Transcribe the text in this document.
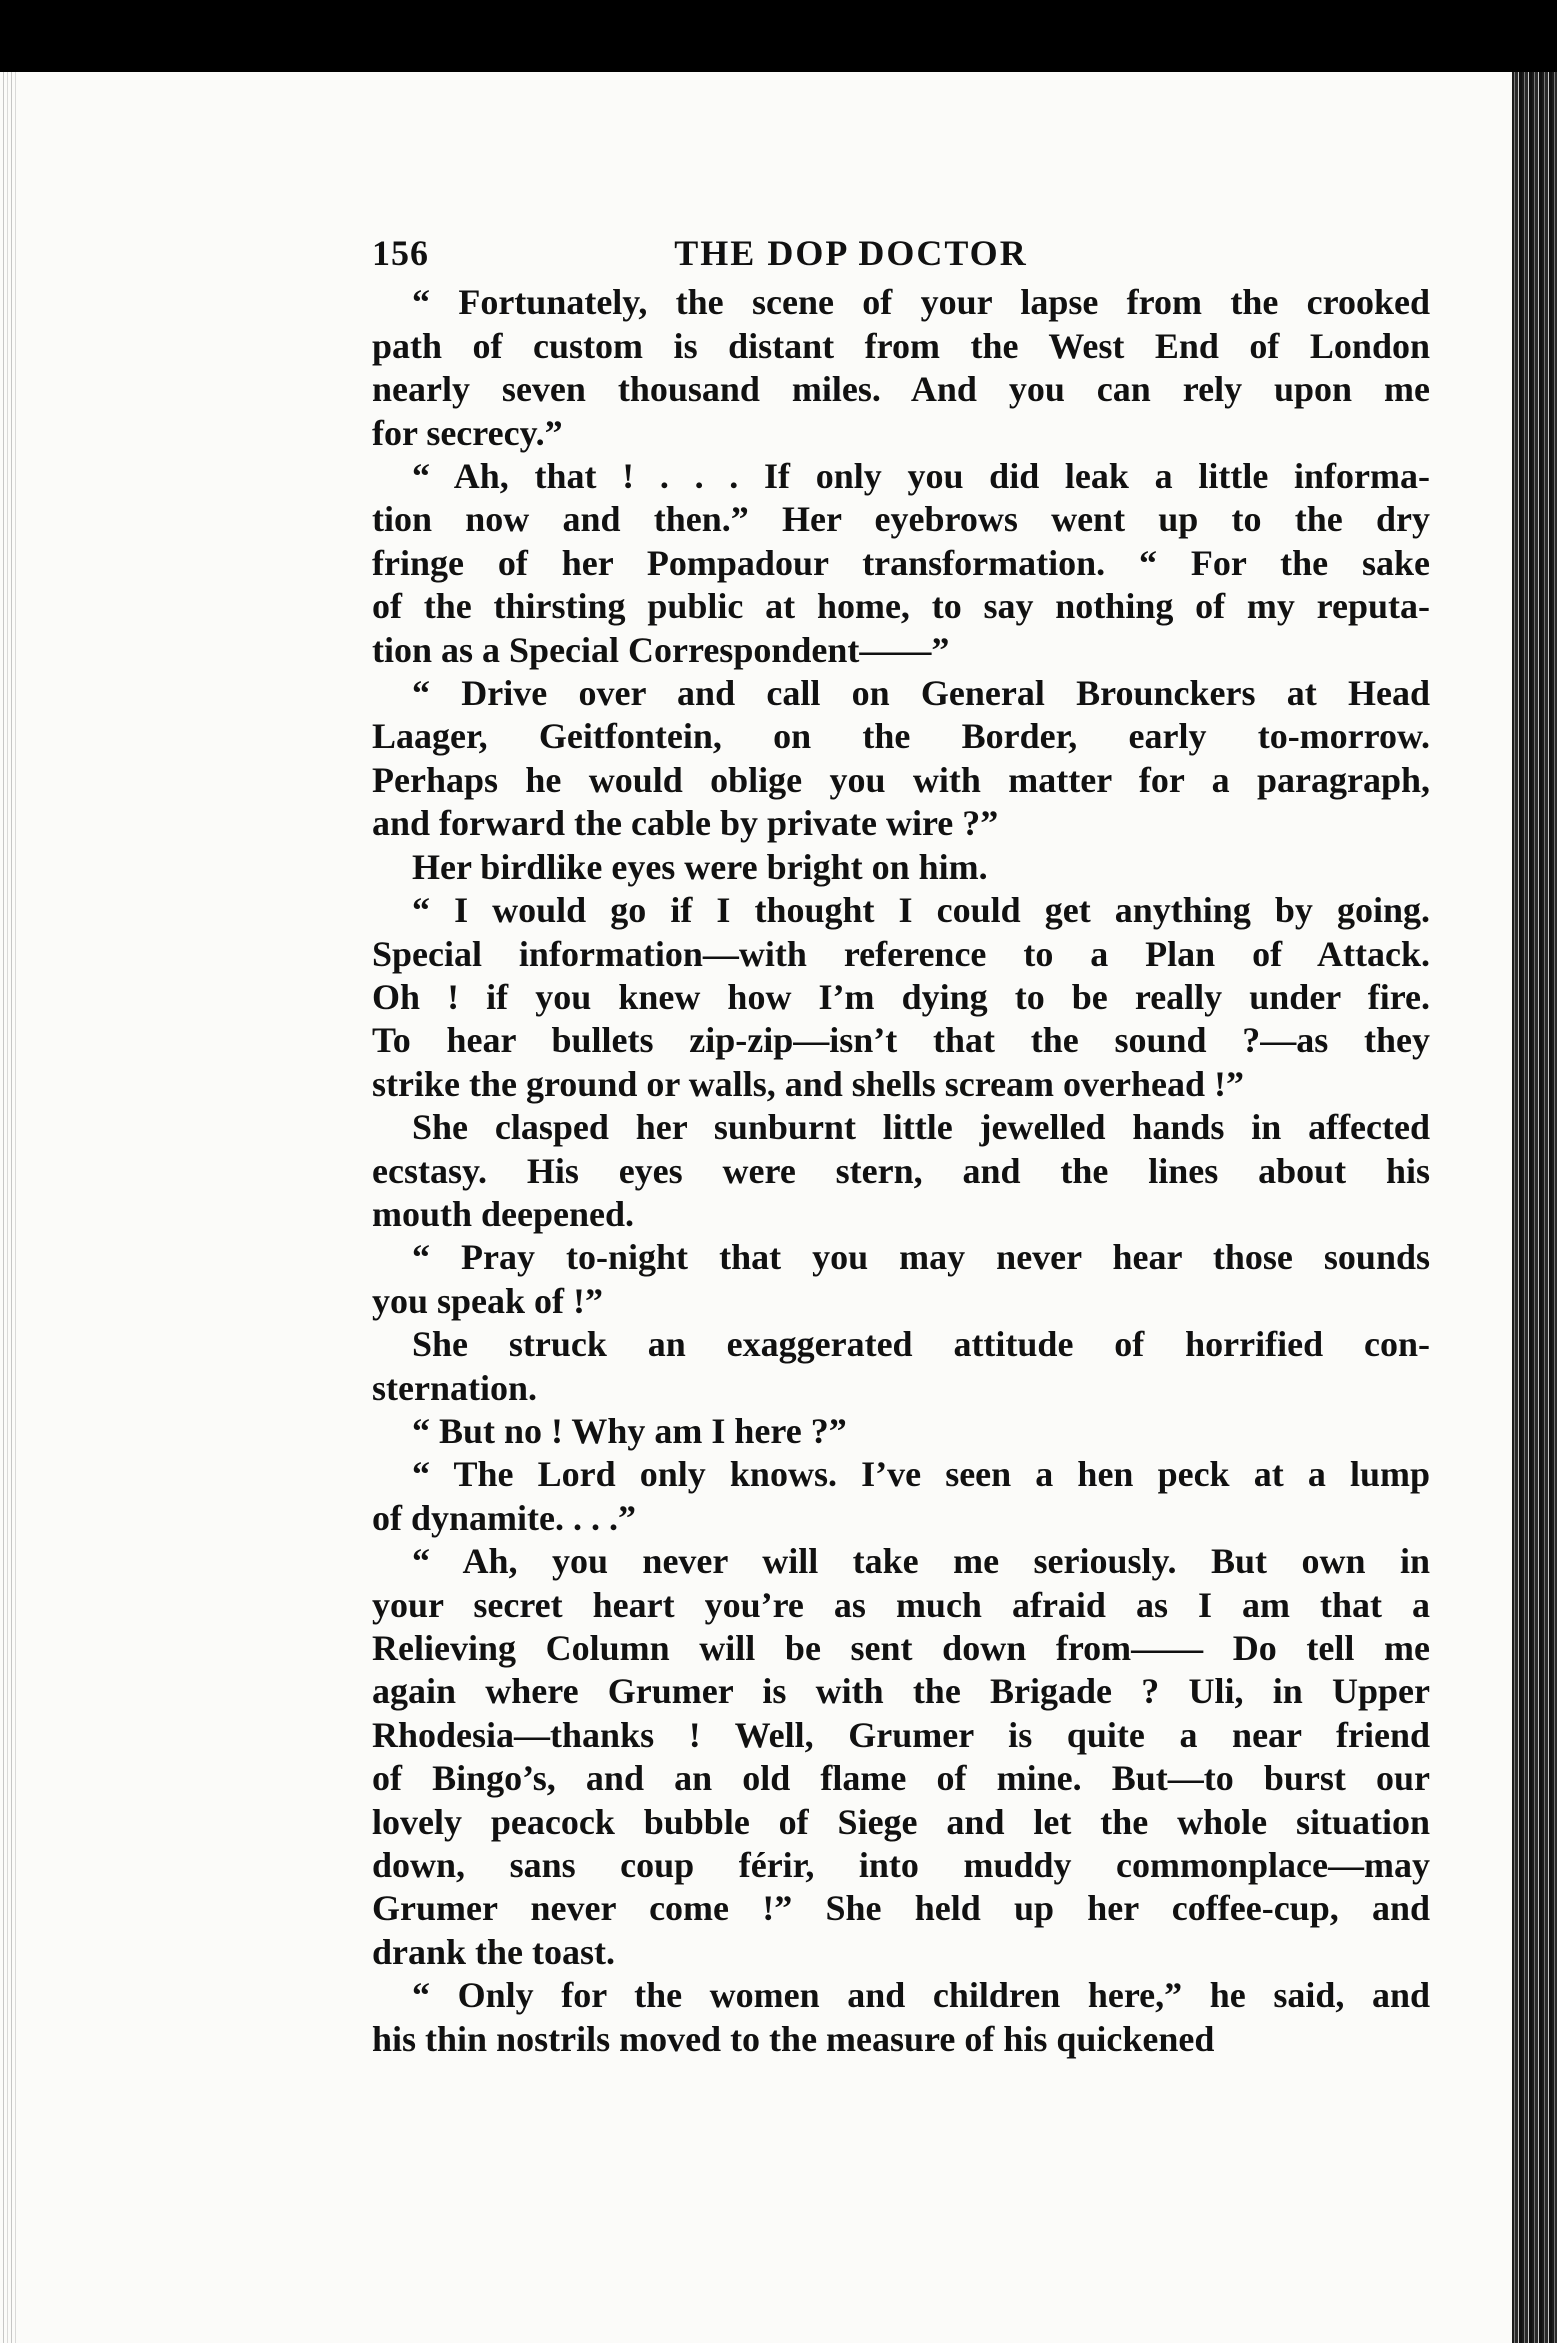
156	THE DOP DOCTOR

“ Fortunately, the scene of your lapse from the crooked
path of custom is distant from the West End of London
nearly seven thousand miles. And you can rely upon me
for secrecy.”

“ Ah, that ! . . . If only you did leak a little informa-
tion now and then.” Her eyebrows went up to the dry
fringe of her Pompadour transformation. “ For the sake
of the thirsting public at home, to say nothing of my reputa-
tion as a Special Correspondent——”

“ Drive over and call on General Brounckers at Head
Laager, Geitfontein, on the Border, early to-morrow.
Perhaps he would oblige you with matter for a paragraph,
and forward the cable by private wire ?”

Her birdlike eyes were bright on him.

“ I would go if I thought I could get anything by going.
Special information—with reference to a Plan of Attack.
Oh ! if you knew how I’m dying to be really under fire.
To hear bullets zip-zip—isn’t that the sound ?—as they
strike the ground or walls, and shells scream overhead !”

She clasped her sunburnt little jewelled hands in affected
ecstasy. His eyes were stern, and the lines about his
mouth deepened.

“ Pray to-night that you may never hear those sounds
you speak of !”

She struck an exaggerated attitude of horrified con-
sternation.

“ But no ! Why am I here ?”

“ The Lord only knows. I’ve seen a hen peck at a lump
of dynamite. . . .”

“ Ah, you never will take me seriously. But own in
your secret heart you’re as much afraid as I am that a
Relieving Column will be sent down from—— Do tell me
again where Grumer is with the Brigade ? Uli, in Upper
Rhodesia—thanks ! Well, Grumer is quite a near friend
of Bingo’s, and an old flame of mine. But—to burst our
lovely peacock bubble of Siege and let the whole situation
down, sans coup férir, into muddy commonplace—may
Grumer never come !” She held up her coffee-cup, and
drank the toast.

“ Only for the women and children here,” he said, and
his thin nostrils moved to the measure of his quickened
